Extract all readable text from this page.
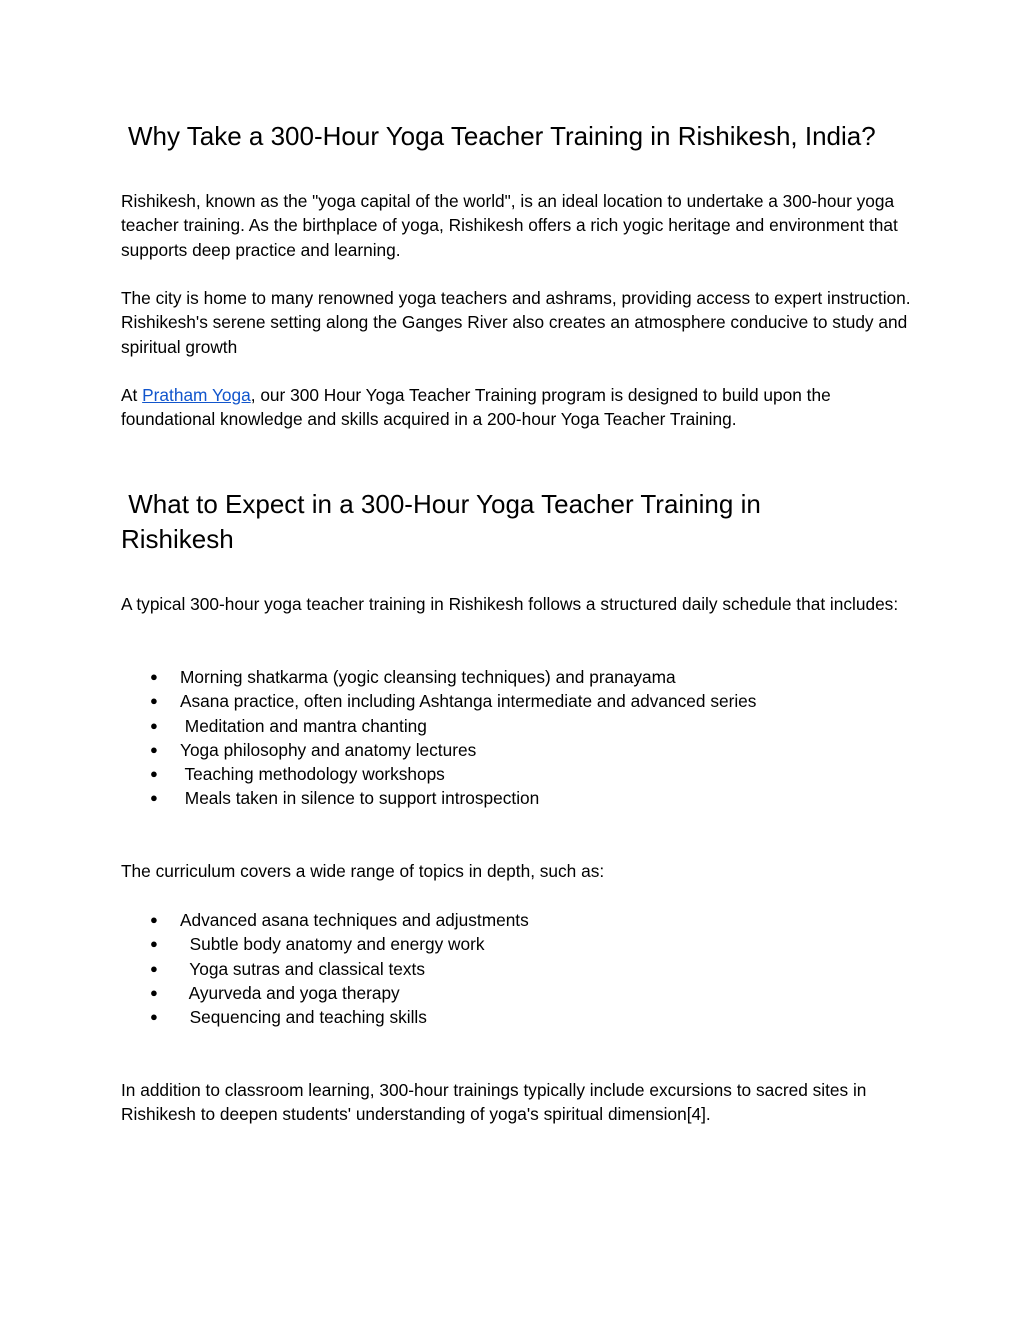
Why Take a 300-Hour Yoga Teacher Training in Rishikesh, India?

Rishikesh, known as the "yoga capital of the world", is an ideal location to undertake a 300-hour yoga teacher training. As the birthplace of yoga, Rishikesh offers a rich yogic heritage and environment that supports deep practice and learning.

The city is home to many renowned yoga teachers and ashrams, providing access to expert instruction. Rishikesh's serene setting along the Ganges River also creates an atmosphere conducive to study and spiritual growth

At Pratham Yoga, our 300 Hour Yoga Teacher Training program is designed to build upon the foundational knowledge and skills acquired in a 200-hour Yoga Teacher Training.

What to Expect in a 300-Hour Yoga Teacher Training in Rishikesh

A typical 300-hour yoga teacher training in Rishikesh follows a structured daily schedule that includes:

● Morning shatkarma (yogic cleansing techniques) and pranayama
● Asana practice, often including Ashtanga intermediate and advanced series
● Meditation and mantra chanting
● Yoga philosophy and anatomy lectures
● Teaching methodology workshops
● Meals taken in silence to support introspection

The curriculum covers a wide range of topics in depth, such as:

● Advanced asana techniques and adjustments
● Subtle body anatomy and energy work
● Yoga sutras and classical texts
● Ayurveda and yoga therapy
● Sequencing and teaching skills

In addition to classroom learning, 300-hour trainings typically include excursions to sacred sites in Rishikesh to deepen students' understanding of yoga's spiritual dimension[4].
